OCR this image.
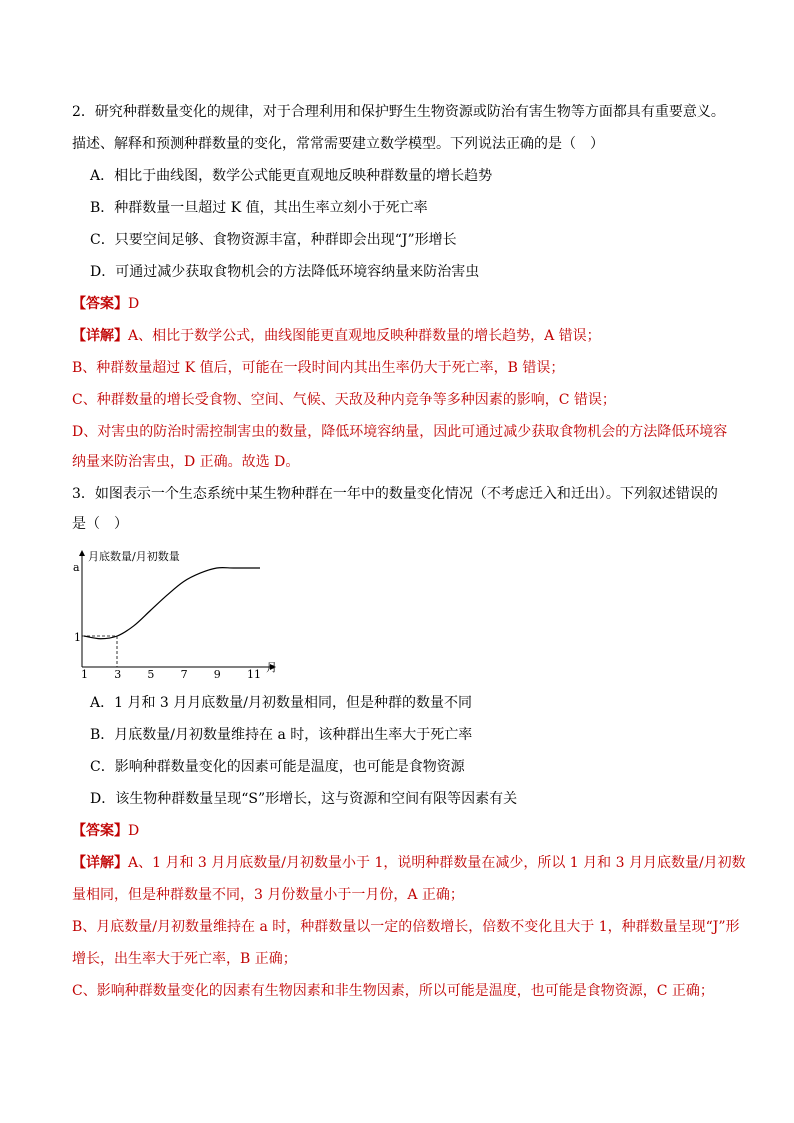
2．研究种群数量变化的规律，对于合理利用和保护野生生物资源或防治有害生物等方面都具有重要意义。
描述、解释和预测种群数量的变化，常常需要建立数学模型。下列说法正确的是（　）
A．相比于曲线图，数学公式能更直观地反映种群数量的增长趋势
B．种群数量一旦超过 K 值，其出生率立刻小于死亡率
C．只要空间足够、食物资源丰富，种群即会出现“J”形增长
D．可通过减少获取食物机会的方法降低环境容纳量来防治害虫
【答案】D
【详解】A、相比于数学公式，曲线图能更直观地反映种群数量的增长趋势，A 错误；
B、种群数量超过 K 值后，可能在一段时间内其出生率仍大于死亡率，B 错误；
C、种群数量的增长受食物、空间、气候、天敌及种内竞争等多种因素的影响，C 错误；
D、对害虫的防治时需控制害虫的数量，降低环境容纳量，因此可通过减少获取食物机会的方法降低环境容
纳量来防治害虫，D 正确。故选 D。
3．如图表示一个生态系统中某生物种群在一年中的数量变化情况（不考虑迁入和迁出）。下列叙述错误的
是（　）
月底数量/月初数量
月
a
1
1 3 5 7 9 11
A．1 月和 3 月月底数量/月初数量相同，但是种群的数量不同
B．月底数量/月初数量维持在 a 时，该种群出生率大于死亡率
C．影响种群数量变化的因素可能是温度，也可能是食物资源
D．该生物种群数量呈现“S”形增长，这与资源和空间有限等因素有关
【答案】D
【详解】A、1 月和 3 月月底数量/月初数量小于 1，说明种群数量在减少，所以 1 月和 3 月月底数量/月初数
量相同，但是种群数量不同，3 月份数量小于一月份，A 正确；
B、月底数量/月初数量维持在 a 时，种群数量以一定的倍数增长，倍数不变化且大于 1，种群数量呈现“J”形
增长，出生率大于死亡率，B 正确；
C、影响种群数量变化的因素有生物因素和非生物因素，所以可能是温度，也可能是食物资源，C 正确；
